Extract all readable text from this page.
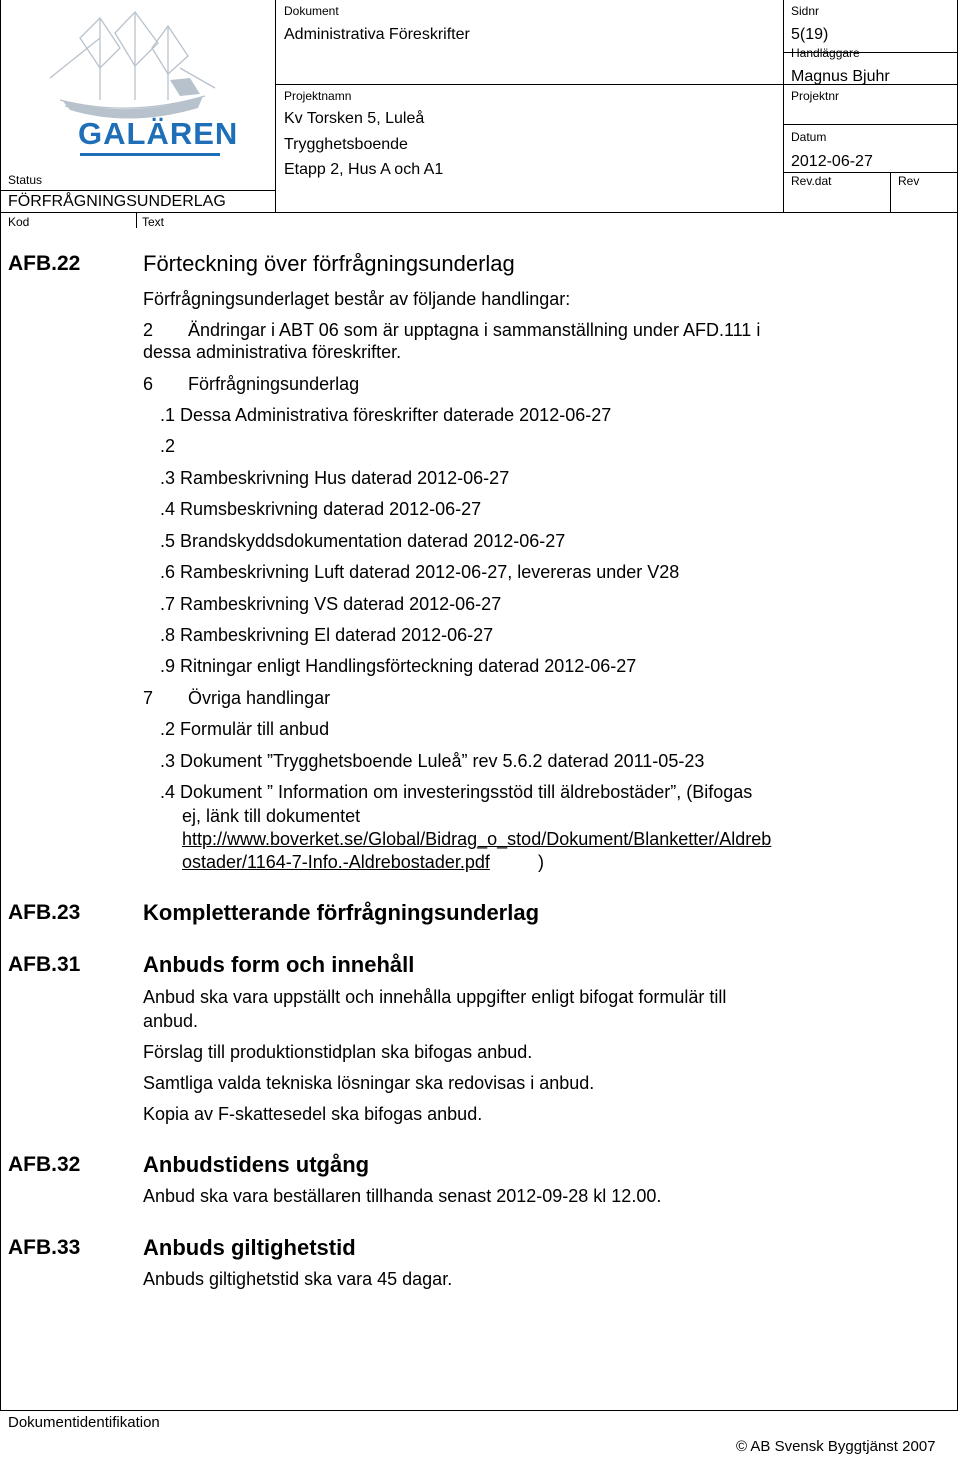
GALÄREN
Status
FÖRFRÅGNINGSUNDERLAG
Kod	Text
Dokument
Administrativa Föreskrifter
Projektnamn
Kv Torsken 5, Luleå
Trygghetsboende
Etapp 2, Hus A och A1
Sidnr
5(19)
Handläggare
Magnus Bjuhr
Projektnr
Datum
2012-06-27
Rev.dat	Rev
AFB.22	Förteckning över förfrågningsunderlag
Förfrågningsunderlaget består av följande handlingar:
2 Ändringar i ABT 06 som är upptagna i sammanställning under AFD.111 i
dessa administrativa föreskrifter.
6 Förfrågningsunderlag
.1 Dessa Administrativa föreskrifter daterade 2012-06-27
.2
.3 Rambeskrivning Hus daterad 2012-06-27
.4 Rumsbeskrivning daterad 2012-06-27
.5 Brandskyddsdokumentation daterad 2012-06-27
.6 Rambeskrivning Luft daterad 2012-06-27, levereras under V28
.7 Rambeskrivning VS daterad 2012-06-27
.8 Rambeskrivning El daterad 2012-06-27
.9 Ritningar enligt Handlingsförteckning daterad 2012-06-27
7 Övriga handlingar
.2 Formulär till anbud
.3 Dokument ”Trygghetsboende Luleå” rev 5.6.2 daterad 2011-05-23
.4 Dokument ” Information om investeringsstöd till äldrebostäder”, (Bifogas
ej, länk till dokumentet
http://www.boverket.se/Global/Bidrag_o_stod/Dokument/Blanketter/Aldreb
ostader/1164-7-Info.-Aldrebostader.pdf	)
AFB.23	Kompletterande förfrågningsunderlag
AFB.31	Anbuds form och innehåll
Anbud ska vara uppställt och innehålla uppgifter enligt bifogat formulär till
anbud.
Förslag till produktionstidplan ska bifogas anbud.
Samtliga valda tekniska lösningar ska redovisas i anbud.
Kopia av F-skattesedel ska bifogas anbud.
AFB.32	Anbudstidens utgång
Anbud ska vara beställaren tillhanda senast 2012-09-28 kl 12.00.
AFB.33	Anbuds giltighetstid
Anbuds giltighetstid ska vara 45 dagar.
Dokumentidentifikation
© AB Svensk Byggtjänst 2007
